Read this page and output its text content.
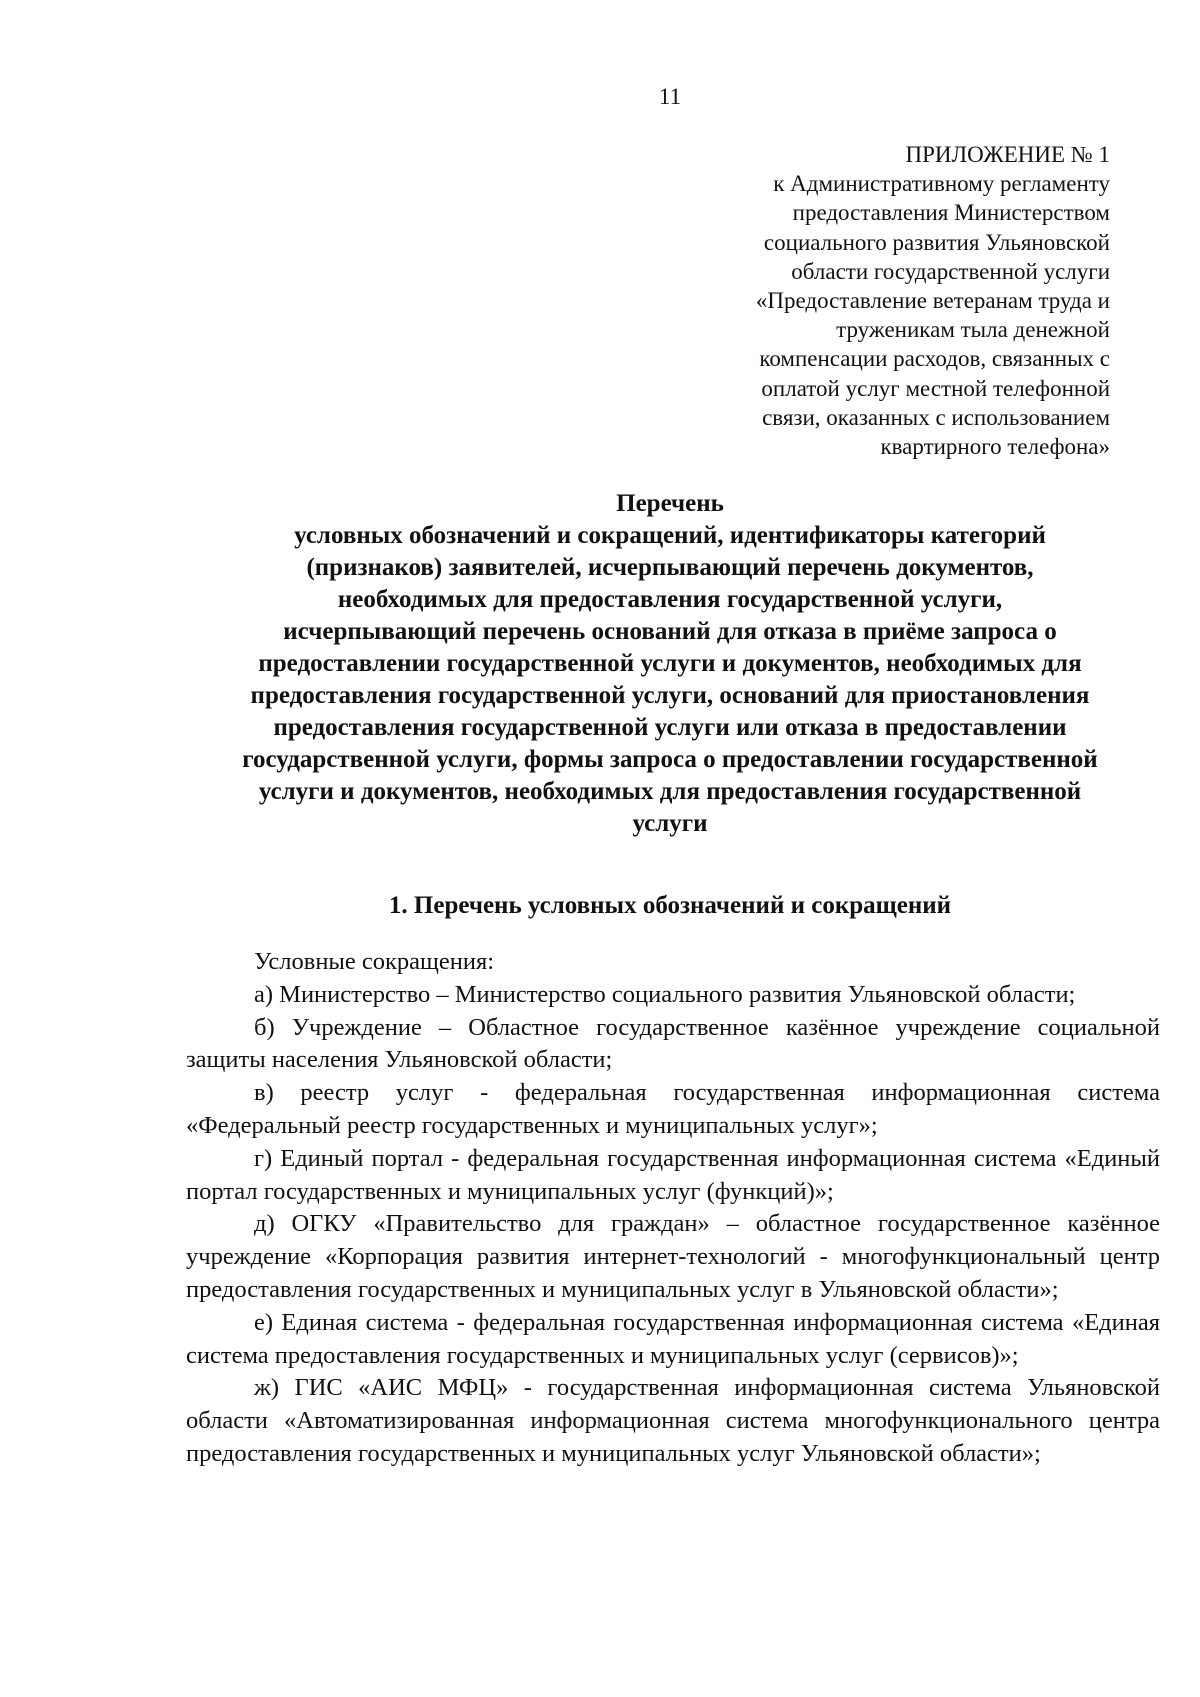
11
ПРИЛОЖЕНИЕ № 1
к Административному регламенту
предоставления Министерством
социального развития Ульяновской
области государственной услуги
«Предоставление ветеранам труда и
труженикам тыла денежной
компенсации расходов, связанных с
оплатой услуг местной телефонной
связи, оказанных с использованием
квартирного телефона»
Перечень
условных обозначений и сокращений, идентификаторы категорий
(признаков) заявителей, исчерпывающий перечень документов,
необходимых для предоставления государственной услуги,
исчерпывающий перечень оснований для отказа в приёме запроса о
предоставлении государственной услуги и документов, необходимых для
предоставления государственной услуги, оснований для приостановления
предоставления государственной услуги или отказа в предоставлении
государственной услуги, формы запроса о предоставлении государственной
услуги и документов, необходимых для предоставления государственной
услуги
1. Перечень условных обозначений и сокращений
Условные сокращения:
а) Министерство – Министерство социального развития Ульяновской области;
б) Учреждение – Областное государственное казённое учреждение социальной защиты населения Ульяновской области;
в) реестр услуг - федеральная государственная информационная система «Федеральный реестр государственных и муниципальных услуг»;
г) Единый портал - федеральная государственная информационная система «Единый портал государственных и муниципальных услуг (функций)»;
д) ОГКУ «Правительство для граждан» – областное государственное казённое учреждение «Корпорация развития интернет-технологий - многофункциональный центр предоставления государственных и муниципальных услуг в Ульяновской области»;
е) Единая система - федеральная государственная информационная система «Единая система предоставления государственных и муниципальных услуг (сервисов)»;
ж) ГИС «АИС МФЦ» - государственная информационная система Ульяновской области «Автоматизированная информационная система многофункционального центра предоставления государственных и муниципальных услуг Ульяновской области»;
